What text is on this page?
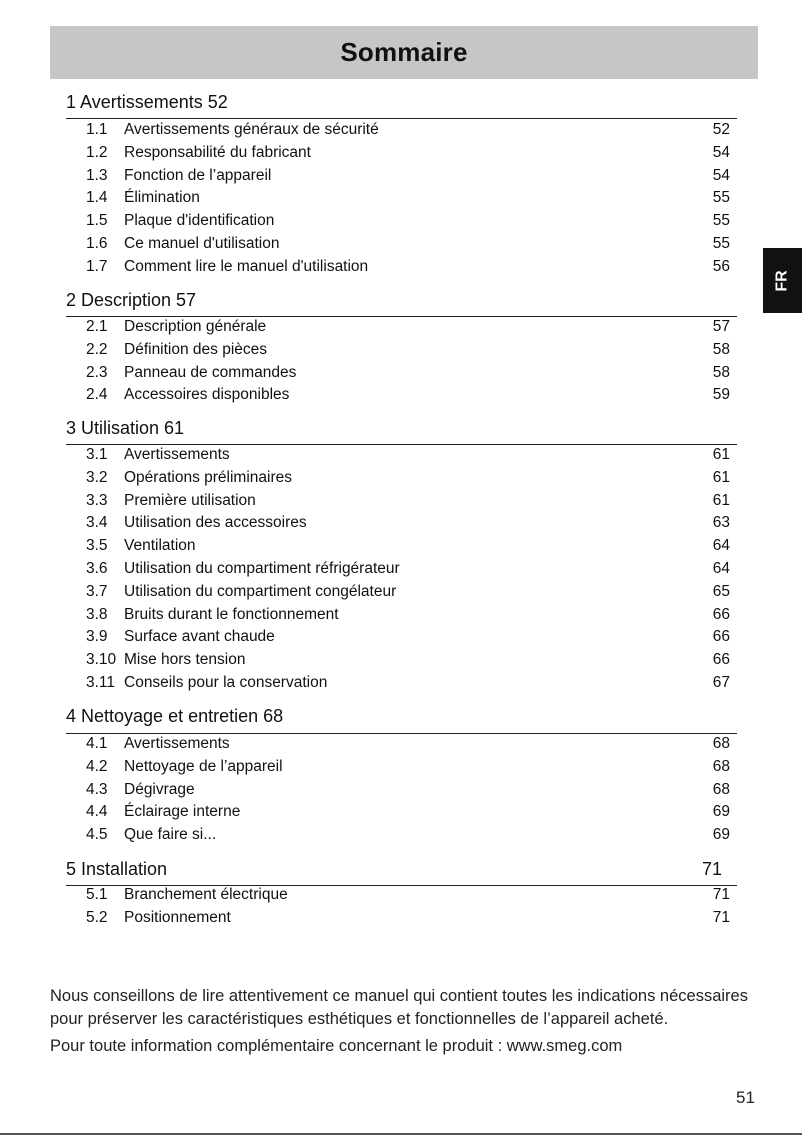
Sommaire
FR
1 Avertissements 52
1.1 Avertissements généraux de sécurité	52
1.2 Responsabilité du fabricant	54
1.3 Fonction de l’appareil	54
1.4 Élimination	55
1.5 Plaque d'identification	55
1.6 Ce manuel d'utilisation	55
1.7 Comment lire le manuel d'utilisation	56
2 Description 57
2.1 Description générale	57
2.2 Définition des pièces	58
2.3 Panneau de commandes	58
2.4 Accessoires disponibles	59
3 Utilisation 61
3.1 Avertissements	61
3.2 Opérations préliminaires	61
3.3 Première utilisation	61
3.4 Utilisation des accessoires	63
3.5 Ventilation	64
3.6 Utilisation du compartiment réfrigérateur	64
3.7 Utilisation du compartiment congélateur	65
3.8 Bruits durant le fonctionnement	66
3.9 Surface avant chaude	66
3.10 Mise hors tension	66
3.11 Conseils pour la conservation	67
4 Nettoyage et entretien 68
4.1 Avertissements	68
4.2 Nettoyage de l’appareil	68
4.3 Dégivrage	68
4.4 Éclairage interne	69
4.5 Que faire si...	69
5 Installation	71
5.1 Branchement électrique	71
5.2 Positionnement	71

Nous conseillons de lire attentivement ce manuel qui contient toutes les indications nécessaires pour préserver les caractéristiques esthétiques et fonctionnelles de l’appareil acheté.

Pour toute information complémentaire concernant le produit : www.smeg.com

51
